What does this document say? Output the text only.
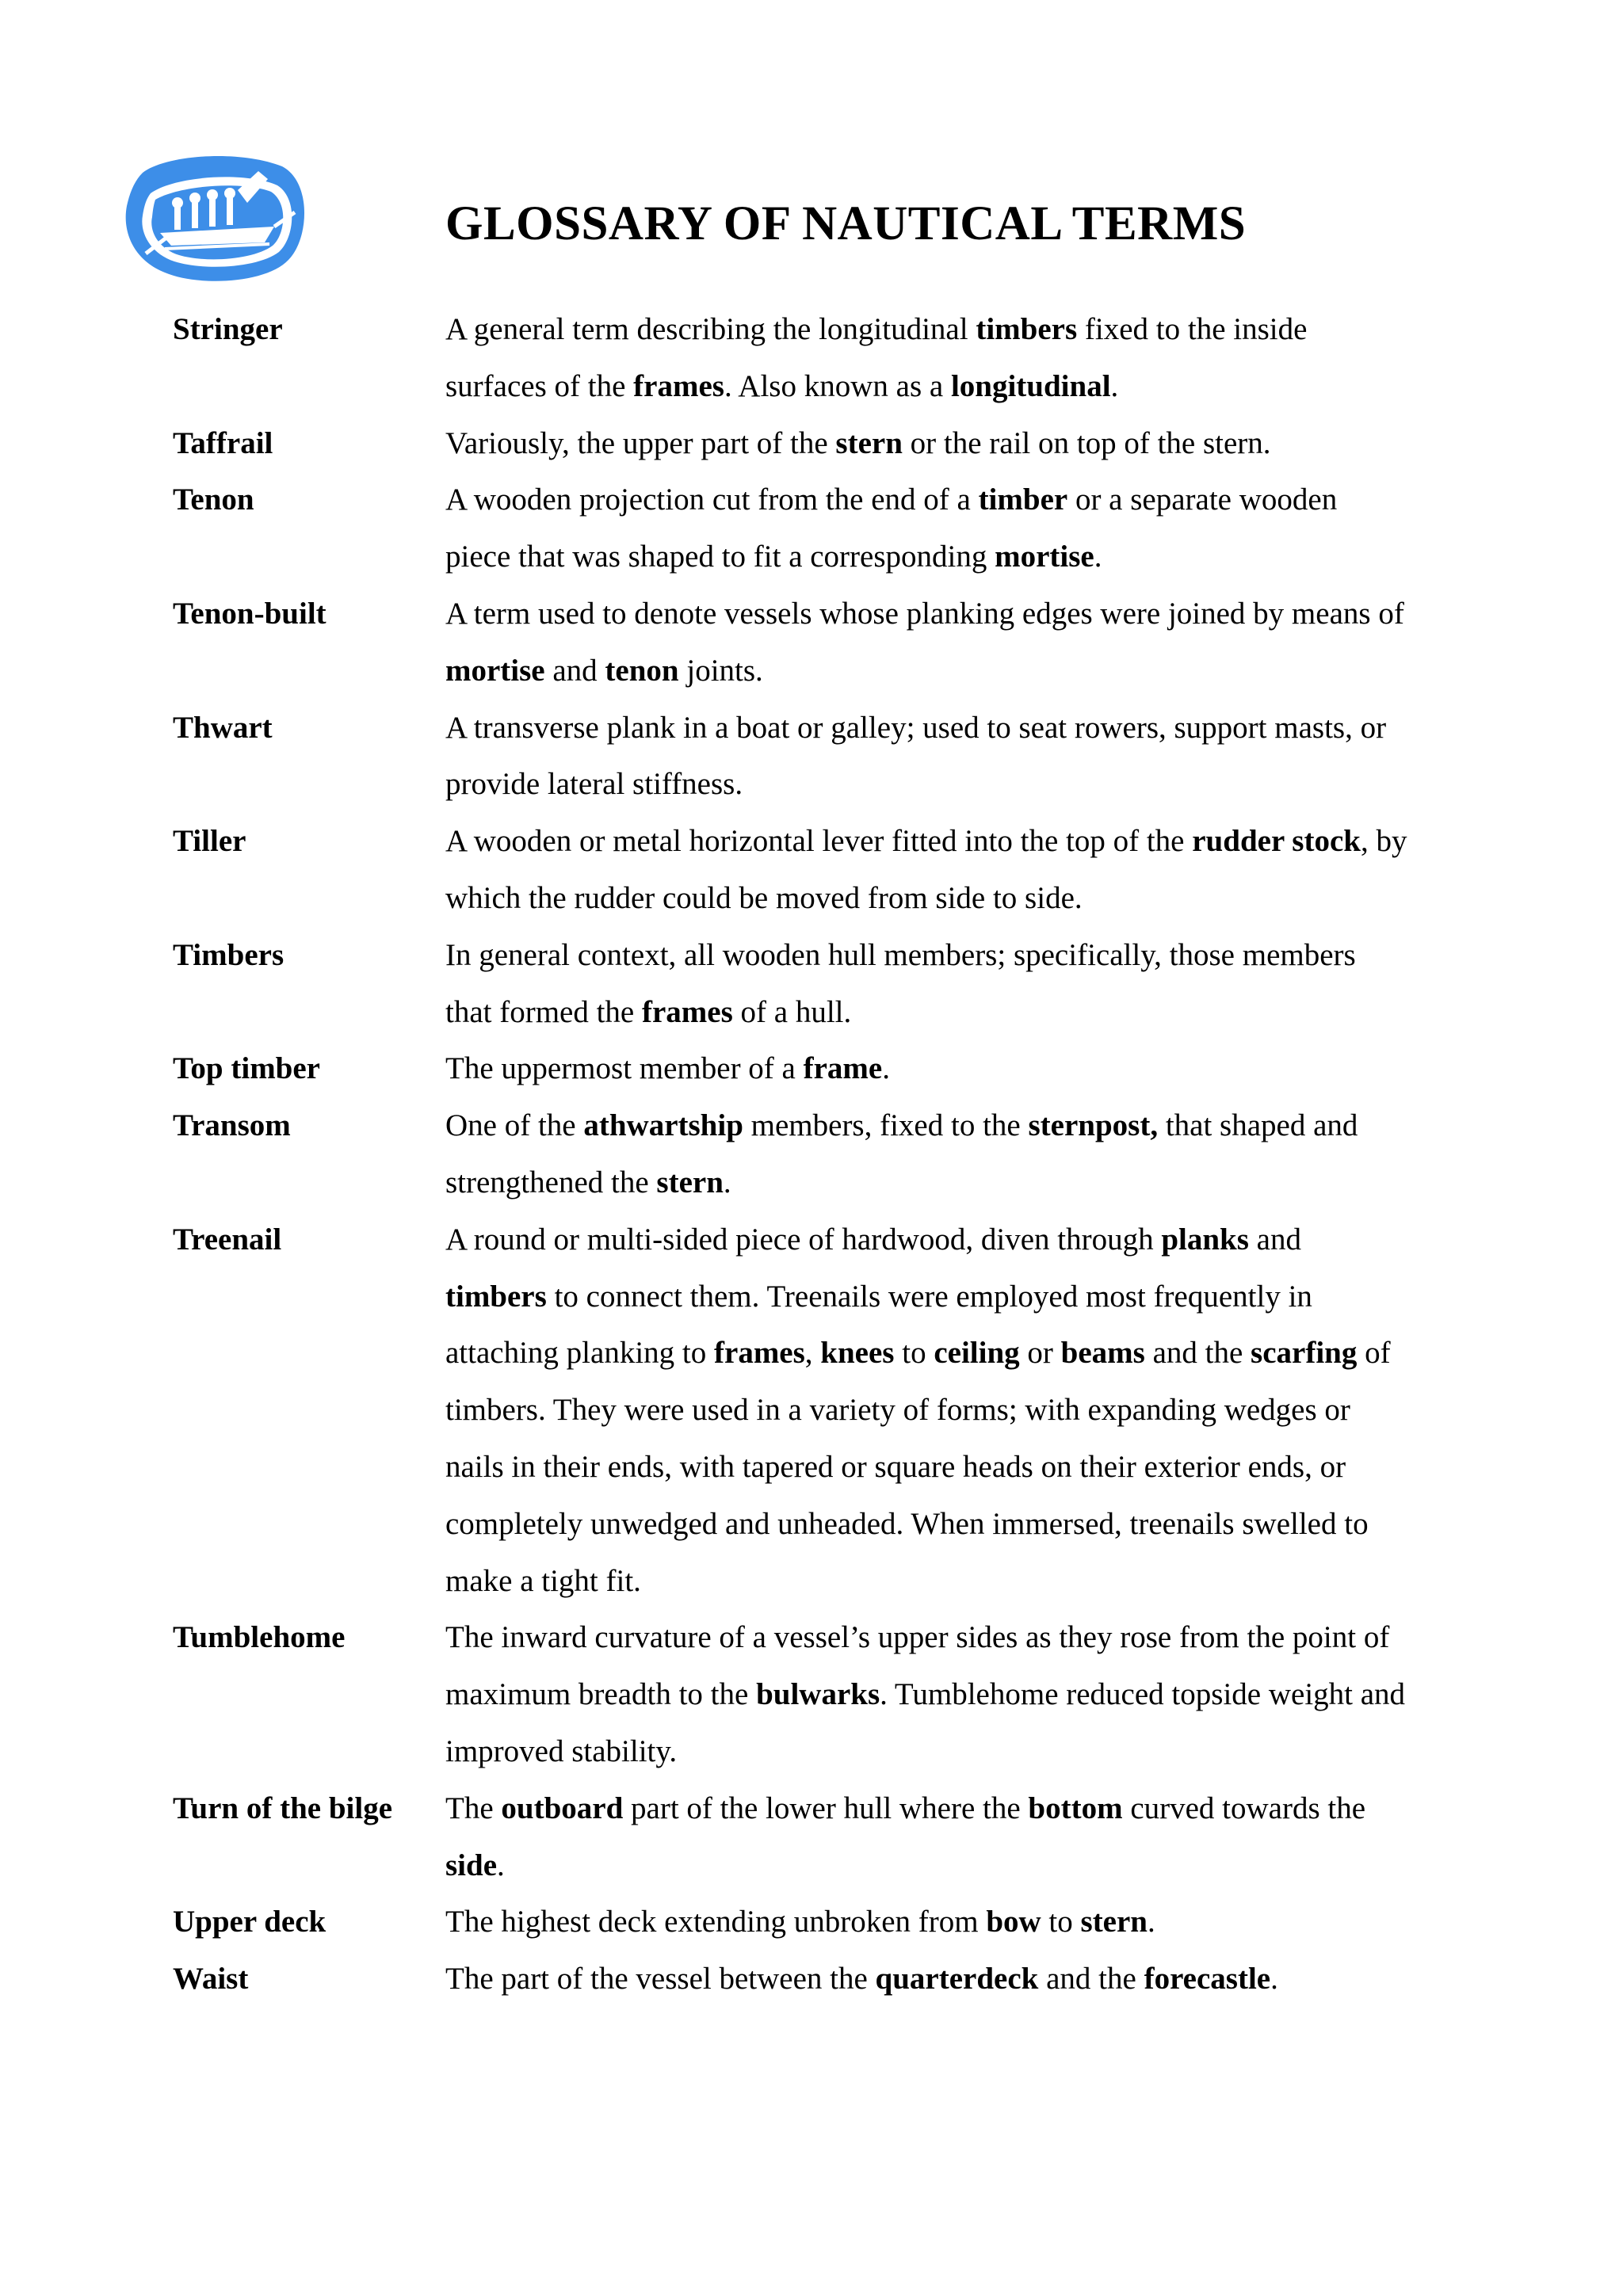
GLOSSARY OF NAUTICAL TERMS
Stringer	A general term describing the longitudinal timbers fixed to the inside surfaces of the frames. Also known as a longitudinal.
Taffrail	Variously, the upper part of the stern or the rail on top of the stern.
Tenon	A wooden projection cut from the end of a timber or a separate wooden piece that was shaped to fit a corresponding mortise.
Tenon-built	A term used to denote vessels whose planking edges were joined by means of mortise and tenon joints.
Thwart	A transverse plank in a boat or galley; used to seat rowers, support masts, or provide lateral stiffness.
Tiller	A wooden or metal horizontal lever fitted into the top of the rudder stock, by which the rudder could be moved from side to side.
Timbers	In general context, all wooden hull members; specifically, those members that formed the frames of a hull.
Top timber	The uppermost member of a frame.
Transom	One of the athwartship members, fixed to the sternpost, that shaped and strengthened the stern.
Treenail	A round or multi-sided piece of hardwood, diven through planks and timbers to connect them. Treenails were employed most frequently in attaching planking to frames, knees to ceiling or beams and the scarfing of timbers. They were used in a variety of forms; with expanding wedges or nails in their ends, with tapered or square heads on their exterior ends, or completely unwedged and unheaded. When immersed, treenails swelled to make a tight fit.
Tumblehome	The inward curvature of a vessel’s upper sides as they rose from the point of maximum breadth to the bulwarks. Tumblehome reduced topside weight and improved stability.
Turn of the bilge	The outboard part of the lower hull where the bottom curved towards the side.
Upper deck	The highest deck extending unbroken from bow to stern.
Waist	The part of the vessel between the quarterdeck and the forecastle.
